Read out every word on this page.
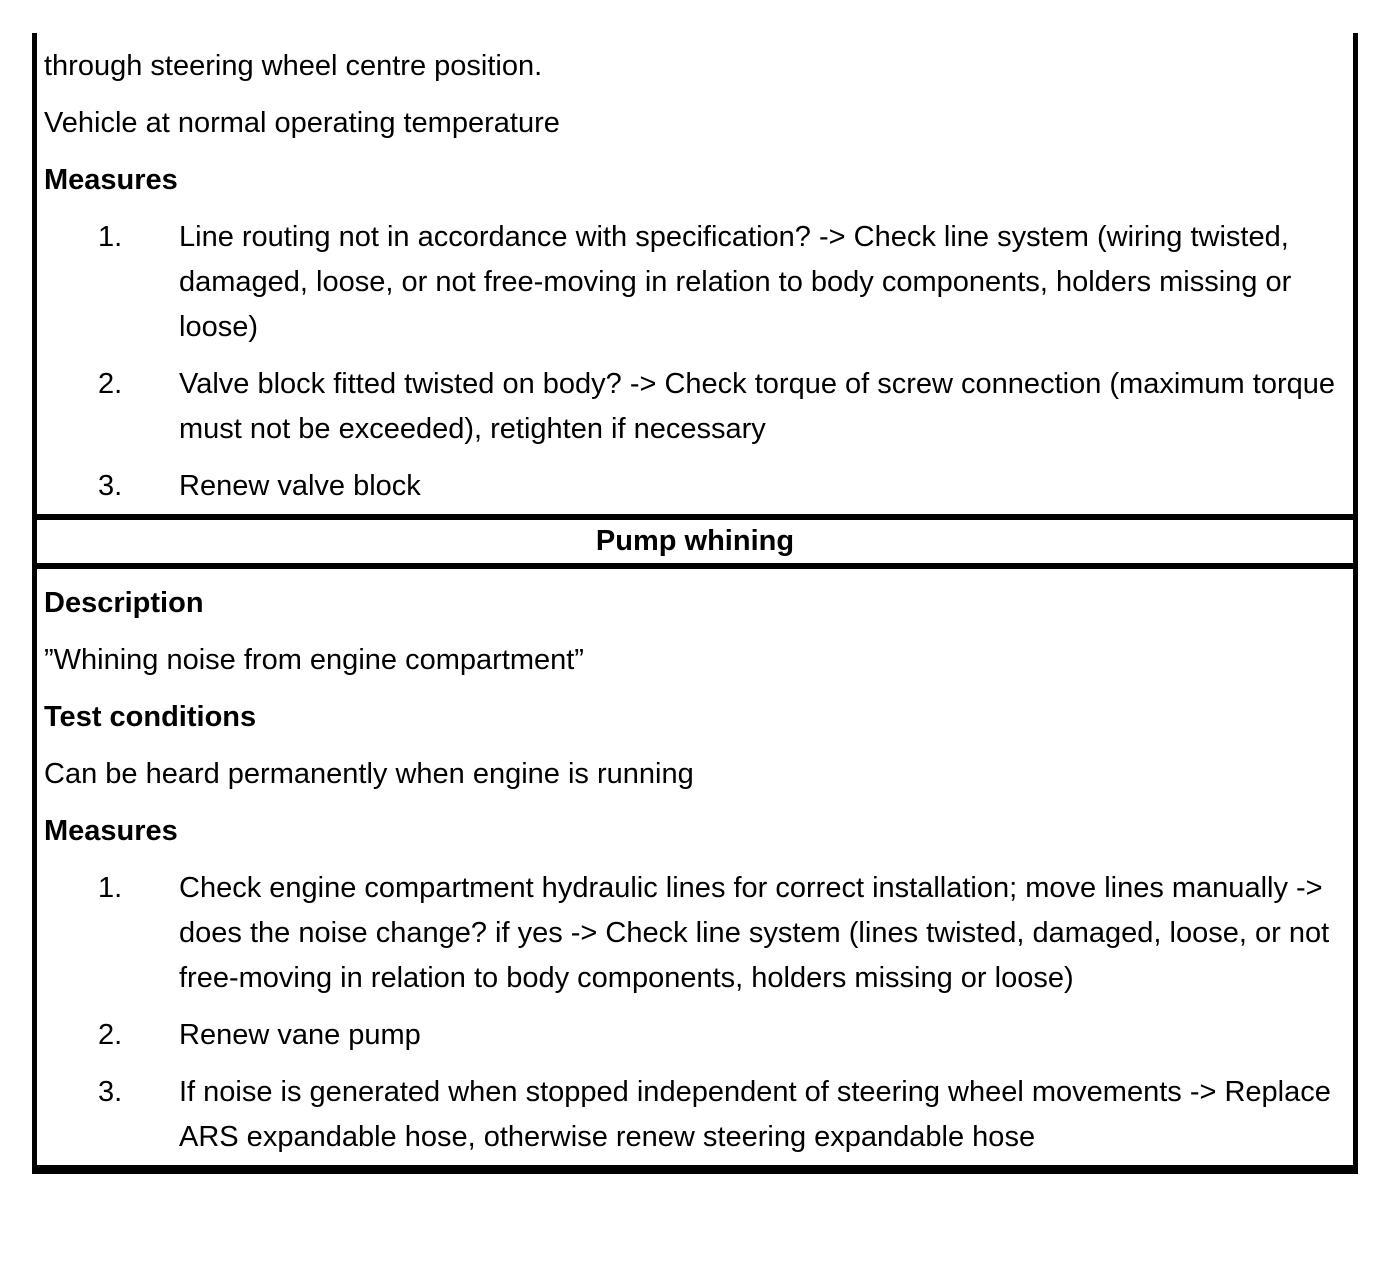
through steering wheel centre position.

Vehicle at normal operating temperature

Measures

1.	Line routing not in accordance with specification? -> Check line system (wiring twisted, damaged, loose, or not free-moving in relation to body components, holders missing or loose)
2.	Valve block fitted twisted on body? -> Check torque of screw connection (maximum torque must not be exceeded), retighten if necessary
3.	Renew valve block
Pump whining

Description

”Whining noise from engine compartment”

Test conditions

Can be heard permanently when engine is running

Measures

1.	Check engine compartment hydraulic lines for correct installation; move lines manually -> does the noise change? if yes -> Check line system (lines twisted, damaged, loose, or not free-moving in relation to body components, holders missing or loose)
2.	Renew vane pump
3.	If noise is generated when stopped independent of steering wheel movements -> Replace ARS expandable hose, otherwise renew steering expandable hose
